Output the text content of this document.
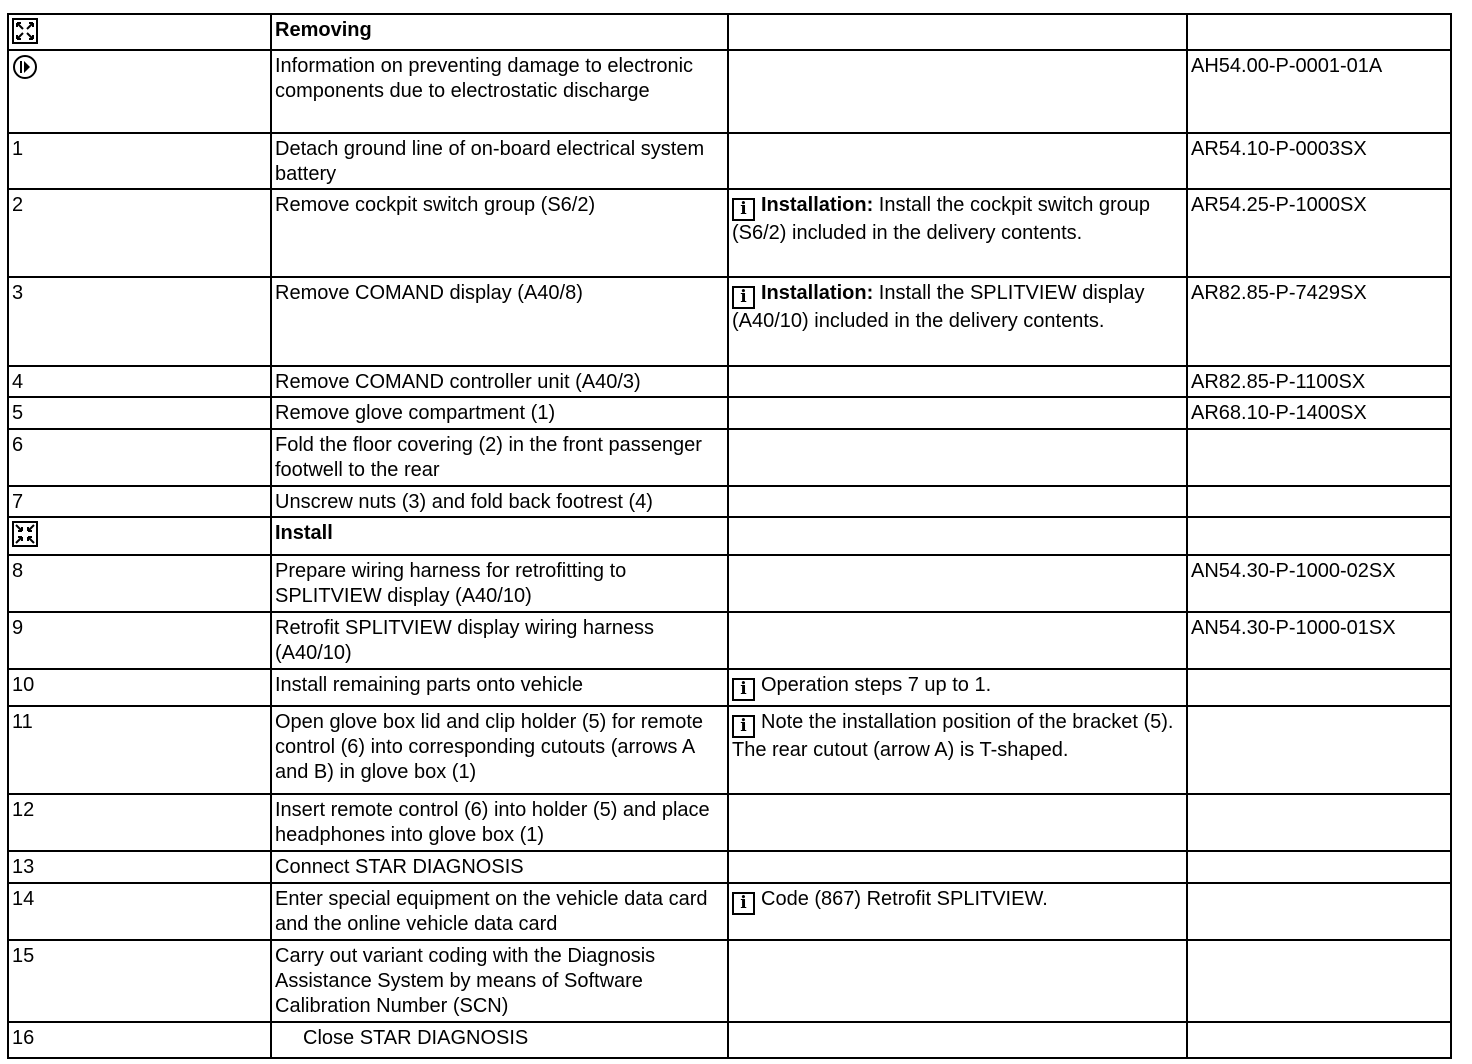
	Removing		
	Information on preventing damage to electronic components due to electrostatic discharge		AH54.00-P-0001-01A
1	Detach ground line of on-board electrical system battery		AR54.10-P-0003SX
2	Remove cockpit switch group (S6/2)	i Installation: Install the cockpit switch group (S6/2) included in the delivery contents.	AR54.25-P-1000SX
3	Remove COMAND display (A40/8)	i Installation: Install the SPLITVIEW display (A40/10) included in the delivery contents.	AR82.85-P-7429SX
4	Remove COMAND controller unit (A40/3)		AR82.85-P-1100SX
5	Remove glove compartment (1)		AR68.10-P-1400SX
6	Fold the floor covering (2) in the front passenger footwell to the rear		
7	Unscrew nuts (3) and fold back footrest (4)		
	Install		
8	Prepare wiring harness for retrofitting to SPLITVIEW display (A40/10)		AN54.30-P-1000-02SX
9	Retrofit SPLITVIEW display wiring harness (A40/10)		AN54.30-P-1000-01SX
10	Install remaining parts onto vehicle	i Operation steps 7 up to 1.	
11	Open glove box lid and clip holder (5) for remote control (6) into corresponding cutouts (arrows A and B) in glove box (1)	i Note the installation position of the bracket (5). The rear cutout (arrow A) is T-shaped.	
12	Insert remote control (6) into holder (5) and place headphones into glove box (1)		
13	Connect STAR DIAGNOSIS		
14	Enter special equipment on the vehicle data card and the online vehicle data card	i Code (867) Retrofit SPLITVIEW.	
15	Carry out variant coding with the Diagnosis Assistance System by means of Software Calibration Number (SCN)		
16	Close STAR DIAGNOSIS		
